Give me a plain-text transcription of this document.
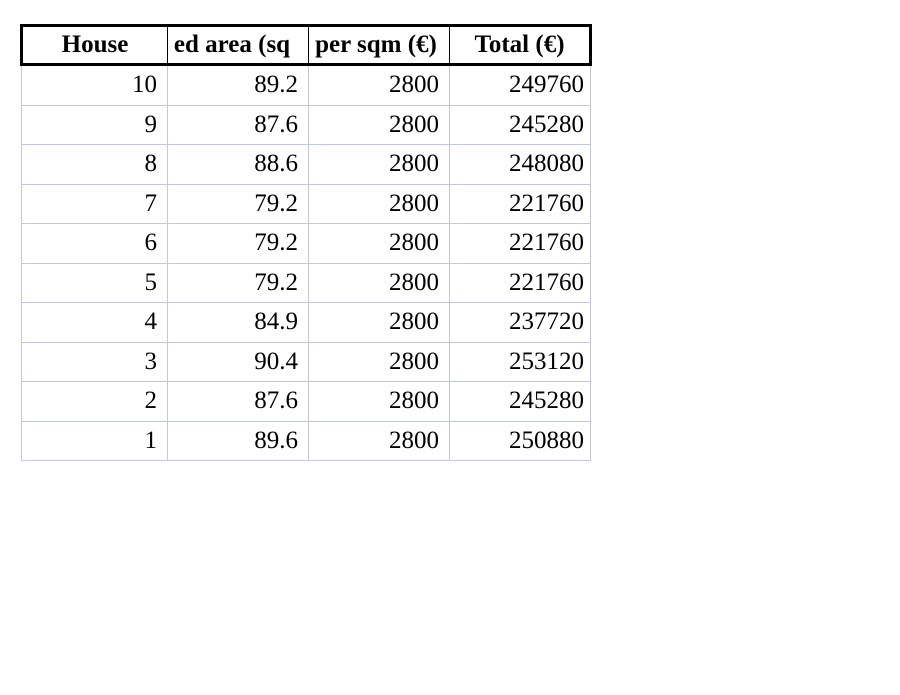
House	ed area (sq	per sqm (€)	Total (€)

10	89.2	2800	249760
9	87.6	2800	245280
8	88.6	2800	248080
7	79.2	2800	221760
6	79.2	2800	221760
5	79.2	2800	221760
4	84.9	2800	237720
3	90.4	2800	253120
2	87.6	2800	245280
1	89.6	2800	250880
